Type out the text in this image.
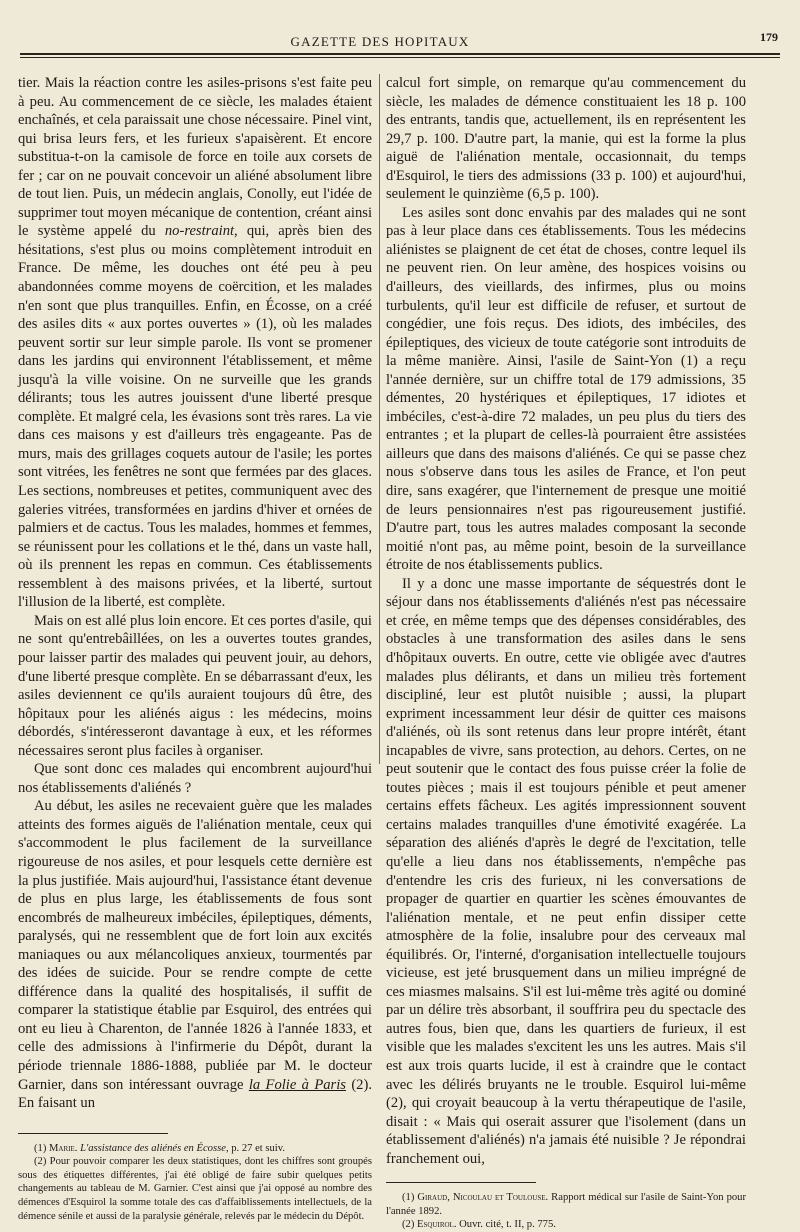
GAZETTE DES HOPITAUX	179

tier. Mais la réaction contre les asiles-prisons s'est faite peu à peu. Au commencement de ce siècle, les malades étaient enchaînés, et cela paraissait une chose nécessaire. Pinel vint, qui brisa leurs fers, et les furieux s'apaisèrent. Et encore substitua-t-on la camisole de force en toile aux corsets de fer ; car on ne pouvait concevoir un aliéné absolument libre de tout lien. Puis, un médecin anglais, Conolly, eut l'idée de supprimer tout moyen mécanique de contention, créant ainsi le système appelé du no-restraint, qui, après bien des hésitations, s'est plus ou moins complètement introduit en France. De même, les douches ont été peu à peu abandonnées comme moyens de coërcition, et les malades n'en sont que plus tranquilles. Enfin, en Écosse, on a créé des asiles dits « aux portes ouvertes » (1), où les malades peuvent sortir sur leur simple parole. Ils vont se promener dans les jardins qui environnent l'établissement, et même jusqu'à la ville voisine. On ne surveille que les grands délirants; tous les autres jouissent d'une liberté presque complète. Et malgré cela, les évasions sont très rares. La vie dans ces maisons y est d'ailleurs très engageante. Pas de murs, mais des grillages coquets autour de l'asile; les portes sont vitrées, les fenêtres ne sont que fermées par des glaces. Les sections, nombreuses et petites, communiquent avec des galeries vitrées, transformées en jardins d'hiver et ornées de palmiers et de cactus. Tous les malades, hommes et femmes, se réunissent pour les collations et le thé, dans un vaste hall, où ils prennent les repas en commun. Ces établissements ressemblent à des maisons privées, et la liberté, surtout l'illusion de la liberté, est complète.

Mais on est allé plus loin encore. Et ces portes d'asile, qui ne sont qu'entrebâillées, on les a ouvertes toutes grandes, pour laisser partir des malades qui peuvent jouir, au dehors, d'une liberté presque complète. En se débarrassant d'eux, les asiles deviennent ce qu'ils auraient toujours dû être, des hôpitaux pour les aliénés aigus : les médecins, moins débordés, s'intéresseront davantage à eux, et les réformes nécessaires seront plus faciles à organiser.

Que sont donc ces malades qui encombrent aujourd'hui nos établissements d'aliénés ?

Au début, les asiles ne recevaient guère que les malades atteints des formes aiguës de l'aliénation mentale, ceux qui s'accommodent le plus facilement de la surveillance rigoureuse de nos asiles, et pour lesquels cette dernière est la plus justifiée. Mais aujourd'hui, l'assistance étant devenue de plus en plus large, les établissements de fous sont encombrés de malheureux imbéciles, épileptiques, déments, paralysés, qui ne ressemblent que de fort loin aux excités maniaques ou aux mélancoliques anxieux, tourmentés par des idées de suicide. Pour se rendre compte de cette différence dans la qualité des hospitalisés, il suffit de comparer la statistique établie par Esquirol, des entrées qui ont eu lieu à Charenton, de l'année 1826 à l'année 1833, et celle des admissions à l'infirmerie du Dépôt, durant la période triennale 1886-1888, publiée par M. le docteur Garnier, dans son intéressant ouvrage la Folie à Paris (2). En faisant un

(1) Marie. L'assistance des aliénés en Écosse, p. 27 et suiv.

(2) Pour pouvoir comparer les deux statistiques, dont les chiffres sont groupés sous des étiquettes différentes, j'ai été obligé de faire subir quelques petits changements au tableau de M. Garnier. C'est ainsi que j'ai opposé au nombre des démences d'Esquirol la somme totale des cas d'affaiblissements intellectuels, de la démence sénile et aussi de la paralysie générale, relevés par le médecin du Dépôt.

calcul fort simple, on remarque qu'au commencement du siècle, les malades de démence constituaient les 18 p. 100 des entrants, tandis que, actuellement, ils en représentent les 29,7 p. 100. D'autre part, la manie, qui est la forme la plus aiguë de l'aliénation mentale, occasionnait, du temps d'Esquirol, le tiers des admissions (33 p. 100) et aujourd'hui, seulement le quinzième (6,5 p. 100).

Les asiles sont donc envahis par des malades qui ne sont pas à leur place dans ces établissements. Tous les médecins aliénistes se plaignent de cet état de choses, contre lequel ils ne peuvent rien. On leur amène, des hospices voisins ou d'ailleurs, des vieillards, des infirmes, plus ou moins turbulents, qu'il leur est difficile de refuser, et surtout de congédier, une fois reçus. Des idiots, des imbéciles, des épileptiques, des vicieux de toute catégorie sont introduits de la même manière. Ainsi, l'asile de Saint-Yon (1) a reçu l'année dernière, sur un chiffre total de 179 admissions, 35 démentes, 20 hystériques et épileptiques, 17 idiotes et imbéciles, c'est-à-dire 72 malades, un peu plus du tiers des entrantes ; et la plupart de celles-là pourraient être assistées ailleurs que dans des maisons d'aliénés. Ce qui se passe chez nous s'observe dans tous les asiles de France, et l'on peut dire, sans exagérer, que l'internement de presque une moitié de leurs pensionnaires n'est pas rigoureusement justifié. D'autre part, tous les autres malades composant la seconde moitié n'ont pas, au même point, besoin de la surveillance étroite de nos établissements publics.

Il y a donc une masse importante de séquestrés dont le séjour dans nos établissements d'aliénés n'est pas nécessaire et crée, en même temps que des dépenses considérables, des obstacles à une transformation des asiles dans le sens d'hôpitaux ouverts. En outre, cette vie obligée avec d'autres malades plus délirants, et dans un milieu très fortement discipliné, leur est plutôt nuisible ; aussi, la plupart expriment incessamment leur désir de quitter ces maisons d'aliénés, où ils sont retenus dans leur propre intérêt, étant incapables de vivre, sans protection, au dehors. Certes, on ne peut soutenir que le contact des fous puisse créer la folie de toutes pièces ; mais il est toujours pénible et peut amener certains effets fâcheux. Les agités impressionnent souvent certains malades tranquilles d'une émotivité exagérée. La séparation des aliénés d'après le degré de l'excitation, telle qu'elle a lieu dans nos établissements, n'empêche pas d'entendre les cris des furieux, ni les conversations de propager de quartier en quartier les scènes émouvantes de l'aliénation mentale, et ne peut enfin dissiper cette atmosphère de la folie, insalubre pour des cerveaux mal équilibrés. Or, l'interné, d'organisation intellectuelle toujours vicieuse, est jeté brusquement dans un milieu imprégné de ces miasmes malsains. S'il est lui-même très agité ou dominé par un délire très absorbant, il souffrira peu du spectacle des autres fous, bien que, dans les quartiers de furieux, il est visible que les malades s'excitent les uns les autres. Mais s'il est aux trois quarts lucide, il est à craindre que le contact avec les délirés bruyants ne le trouble. Esquirol lui-même (2), qui croyait beaucoup à la vertu thérapeutique de l'asile, disait : « Mais qui oserait assurer que l'isolement (dans un établissement d'aliénés) n'a jamais été nuisible ? Je répondrai franchement oui,

(1) Giraud, Nicoulau et Toulouse. Rapport médical sur l'asile de Saint-Yon pour l'année 1892.

(2) Esquirol. Ouvr. cité, t. II, p. 775.
